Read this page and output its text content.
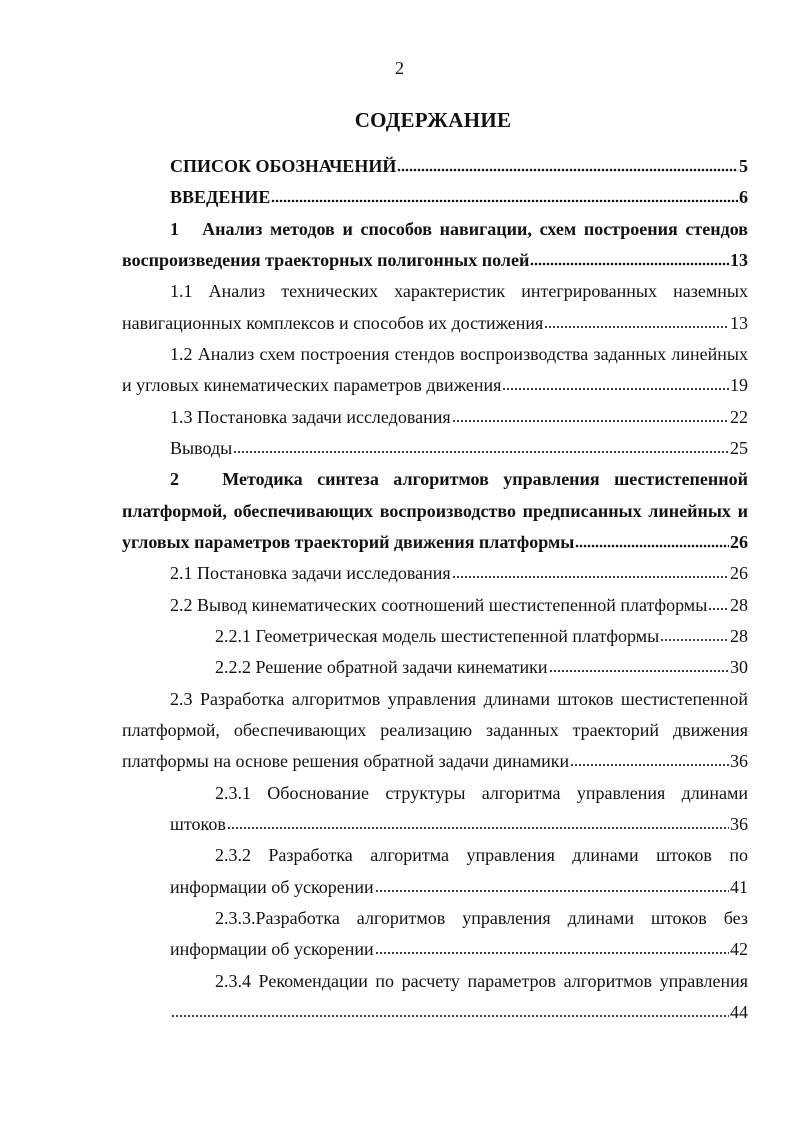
2
СОДЕРЖАНИЕ
СПИСОК ОБОЗНАЧЕНИЙ	5
ВВЕДЕНИЕ	6
1   Анализ методов и способов навигации, схем построения стендов
воспроизведения траекторных полигонных полей	13
1.1 Анализ технических характеристик интегрированных наземных
навигационных комплексов и способов их достижения	13
1.2 Анализ схем построения стендов воспроизводства заданных линейных
и угловых кинематических параметров движения	19
1.3 Постановка задачи исследования	22
Выводы	25
2   Методика синтеза алгоритмов управления шестистепенной
платформой, обеспечивающих воспроизводство предписанных линейных и
угловых параметров траекторий движения платформы	26
2.1 Постановка задачи исследования	26
2.2 Вывод кинематических соотношений шестистепенной платформы 28
2.2.1 Геометрическая модель шестистепенной платформы	28
2.2.2 Решение обратной задачи кинематики	30
2.3 Разработка алгоритмов управления длинами штоков шестистепенной
платформой, обеспечивающих реализацию заданных траекторий движения
платформы на основе решения обратной задачи динамики	36
2.3.1 Обоснование структуры алгоритма управления длинами
штоков	36
2.3.2 Разработка алгоритма управления длинами штоков по
информации об ускорении	41
2.3.3.Разработка алгоритмов управления длинами штоков без
информации об ускорении	42
2.3.4 Рекомендации по расчету параметров алгоритмов управления
44
